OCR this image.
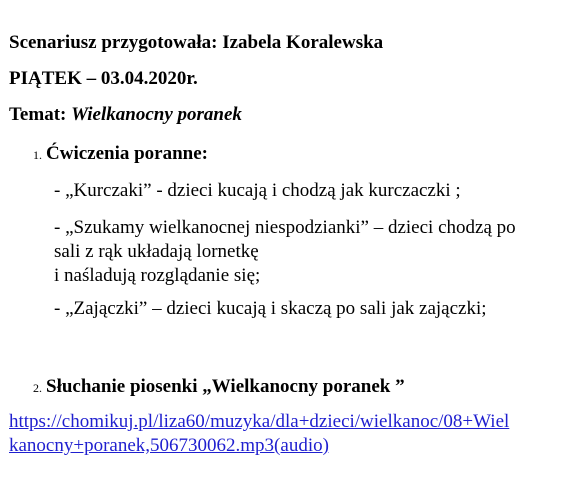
Scenariusz przygotowała: Izabela Koralewska
PIĄTEK – 03.04.2020r.
Temat: Wielkanocny poranek
1. Ćwiczenia poranne:
- „Kurczaki” - dzieci kucają i chodzą jak kurczaczki ;
- „Szukamy wielkanocnej niespodzianki” – dzieci chodzą po
sali z rąk układają lornetkę
i naśladują rozglądanie się;
- „Zajączki” – dzieci kucają i skaczą po sali jak zajączki;
2. Słuchanie piosenki „Wielkanocny poranek ”
https://chomikuj.pl/liza60/muzyka/dla+dzieci/wielkanoc/08+Wiel
kanocny+poranek,506730062.mp3(audio)
